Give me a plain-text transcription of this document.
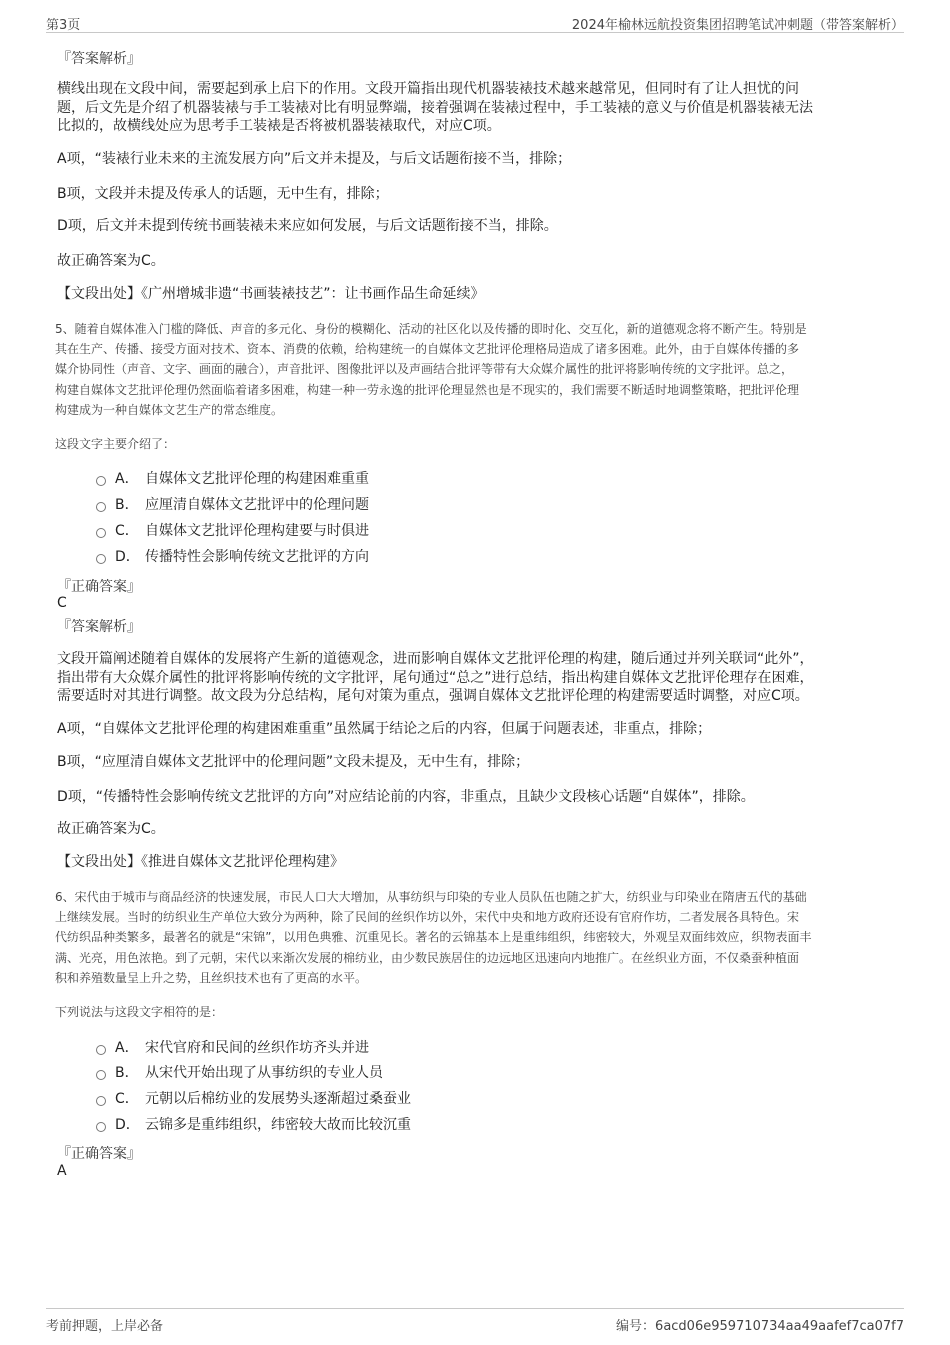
第3页	2024年榆林远航投资集团招聘笔试冲刺题（带答案解析）
『答案解析』
横线出现在文段中间，需要起到承上启下的作用。文段开篇指出现代机器装裱技术越来越常见，但同时有了让人担忧的问
题，后文先是介绍了机器装裱与手工装裱对比有明显弊端，接着强调在装裱过程中，手工装裱的意义与价值是机器装裱无法
比拟的，故横线处应为思考手工装裱是否将被机器装裱取代，对应C项。
A项，“装裱行业未来的主流发展方向”后文并未提及，与后文话题衔接不当，排除；
B项，文段并未提及传承人的话题，无中生有，排除；
D项，后文并未提到传统书画装裱未来应如何发展，与后文话题衔接不当，排除。
故正确答案为C。
【文段出处】《广州增城非遗“书画装裱技艺”：让书画作品生命延续》
5、随着自媒体准入门槛的降低、声音的多元化、身份的模糊化、活动的社区化以及传播的即时化、交互化，新的道德观念将不断产生。特别是
其在生产、传播、接受方面对技术、资本、消费的依赖，给构建统一的自媒体文艺批评伦理格局造成了诸多困难。此外，由于自媒体传播的多
媒介协同性（声音、文字、画面的融合），声音批评、图像批评以及声画结合批评等带有大众媒介属性的批评将影响传统的文字批评。总之，
构建自媒体文艺批评伦理仍然面临着诸多困难，构建一种一劳永逸的批评伦理显然也是不现实的，我们需要不断适时地调整策略，把批评伦理
构建成为一种自媒体文艺生产的常态维度。
这段文字主要介绍了：
A． 自媒体文艺批评伦理的构建困难重重
B． 应厘清自媒体文艺批评中的伦理问题
C． 自媒体文艺批评伦理构建要与时俱进
D． 传播特性会影响传统文艺批评的方向
『正确答案』
C
『答案解析』
文段开篇阐述随着自媒体的发展将产生新的道德观念，进而影响自媒体文艺批评伦理的构建，随后通过并列关联词“此外”，
指出带有大众媒介属性的批评将影响传统的文字批评，尾句通过“总之”进行总结，指出构建自媒体文艺批评伦理存在困难，
需要适时对其进行调整。故文段为分总结构，尾句对策为重点，强调自媒体文艺批评伦理的构建需要适时调整，对应C项。
A项，“自媒体文艺批评伦理的构建困难重重”虽然属于结论之后的内容，但属于问题表述，非重点，排除；
B项，“应厘清自媒体文艺批评中的伦理问题”文段未提及，无中生有，排除；
D项，“传播特性会影响传统文艺批评的方向”对应结论前的内容，非重点，且缺少文段核心话题“自媒体”，排除。
故正确答案为C。
【文段出处】《推进自媒体文艺批评伦理构建》
6、宋代由于城市与商品经济的快速发展，市民人口大大增加，从事纺织与印染的专业人员队伍也随之扩大，纺织业与印染业在隋唐五代的基础
上继续发展。当时的纺织业生产单位大致分为两种，除了民间的丝织作坊以外，宋代中央和地方政府还设有官府作坊，二者发展各具特色。宋
代纺织品种类繁多，最著名的就是“宋锦”，以用色典雅、沉重见长。著名的云锦基本上是重纬组织，纬密较大，外观呈双面纬效应，织物表面丰
满、光亮，用色浓艳。到了元朝，宋代以来渐次发展的棉纺业，由少数民族居住的边远地区迅速向内地推广。在丝织业方面，不仅桑蚕种植面
积和养殖数量呈上升之势，且丝织技术也有了更高的水平。
下列说法与这段文字相符的是：
A． 宋代官府和民间的丝织作坊齐头并进
B． 从宋代开始出现了从事纺织的专业人员
C． 元朝以后棉纺业的发展势头逐渐超过桑蚕业
D． 云锦多是重纬组织，纬密较大故而比较沉重
『正确答案』
A
考前押题，上岸必备	编号：6acd06e959710734aa49aafef7ca07f7
